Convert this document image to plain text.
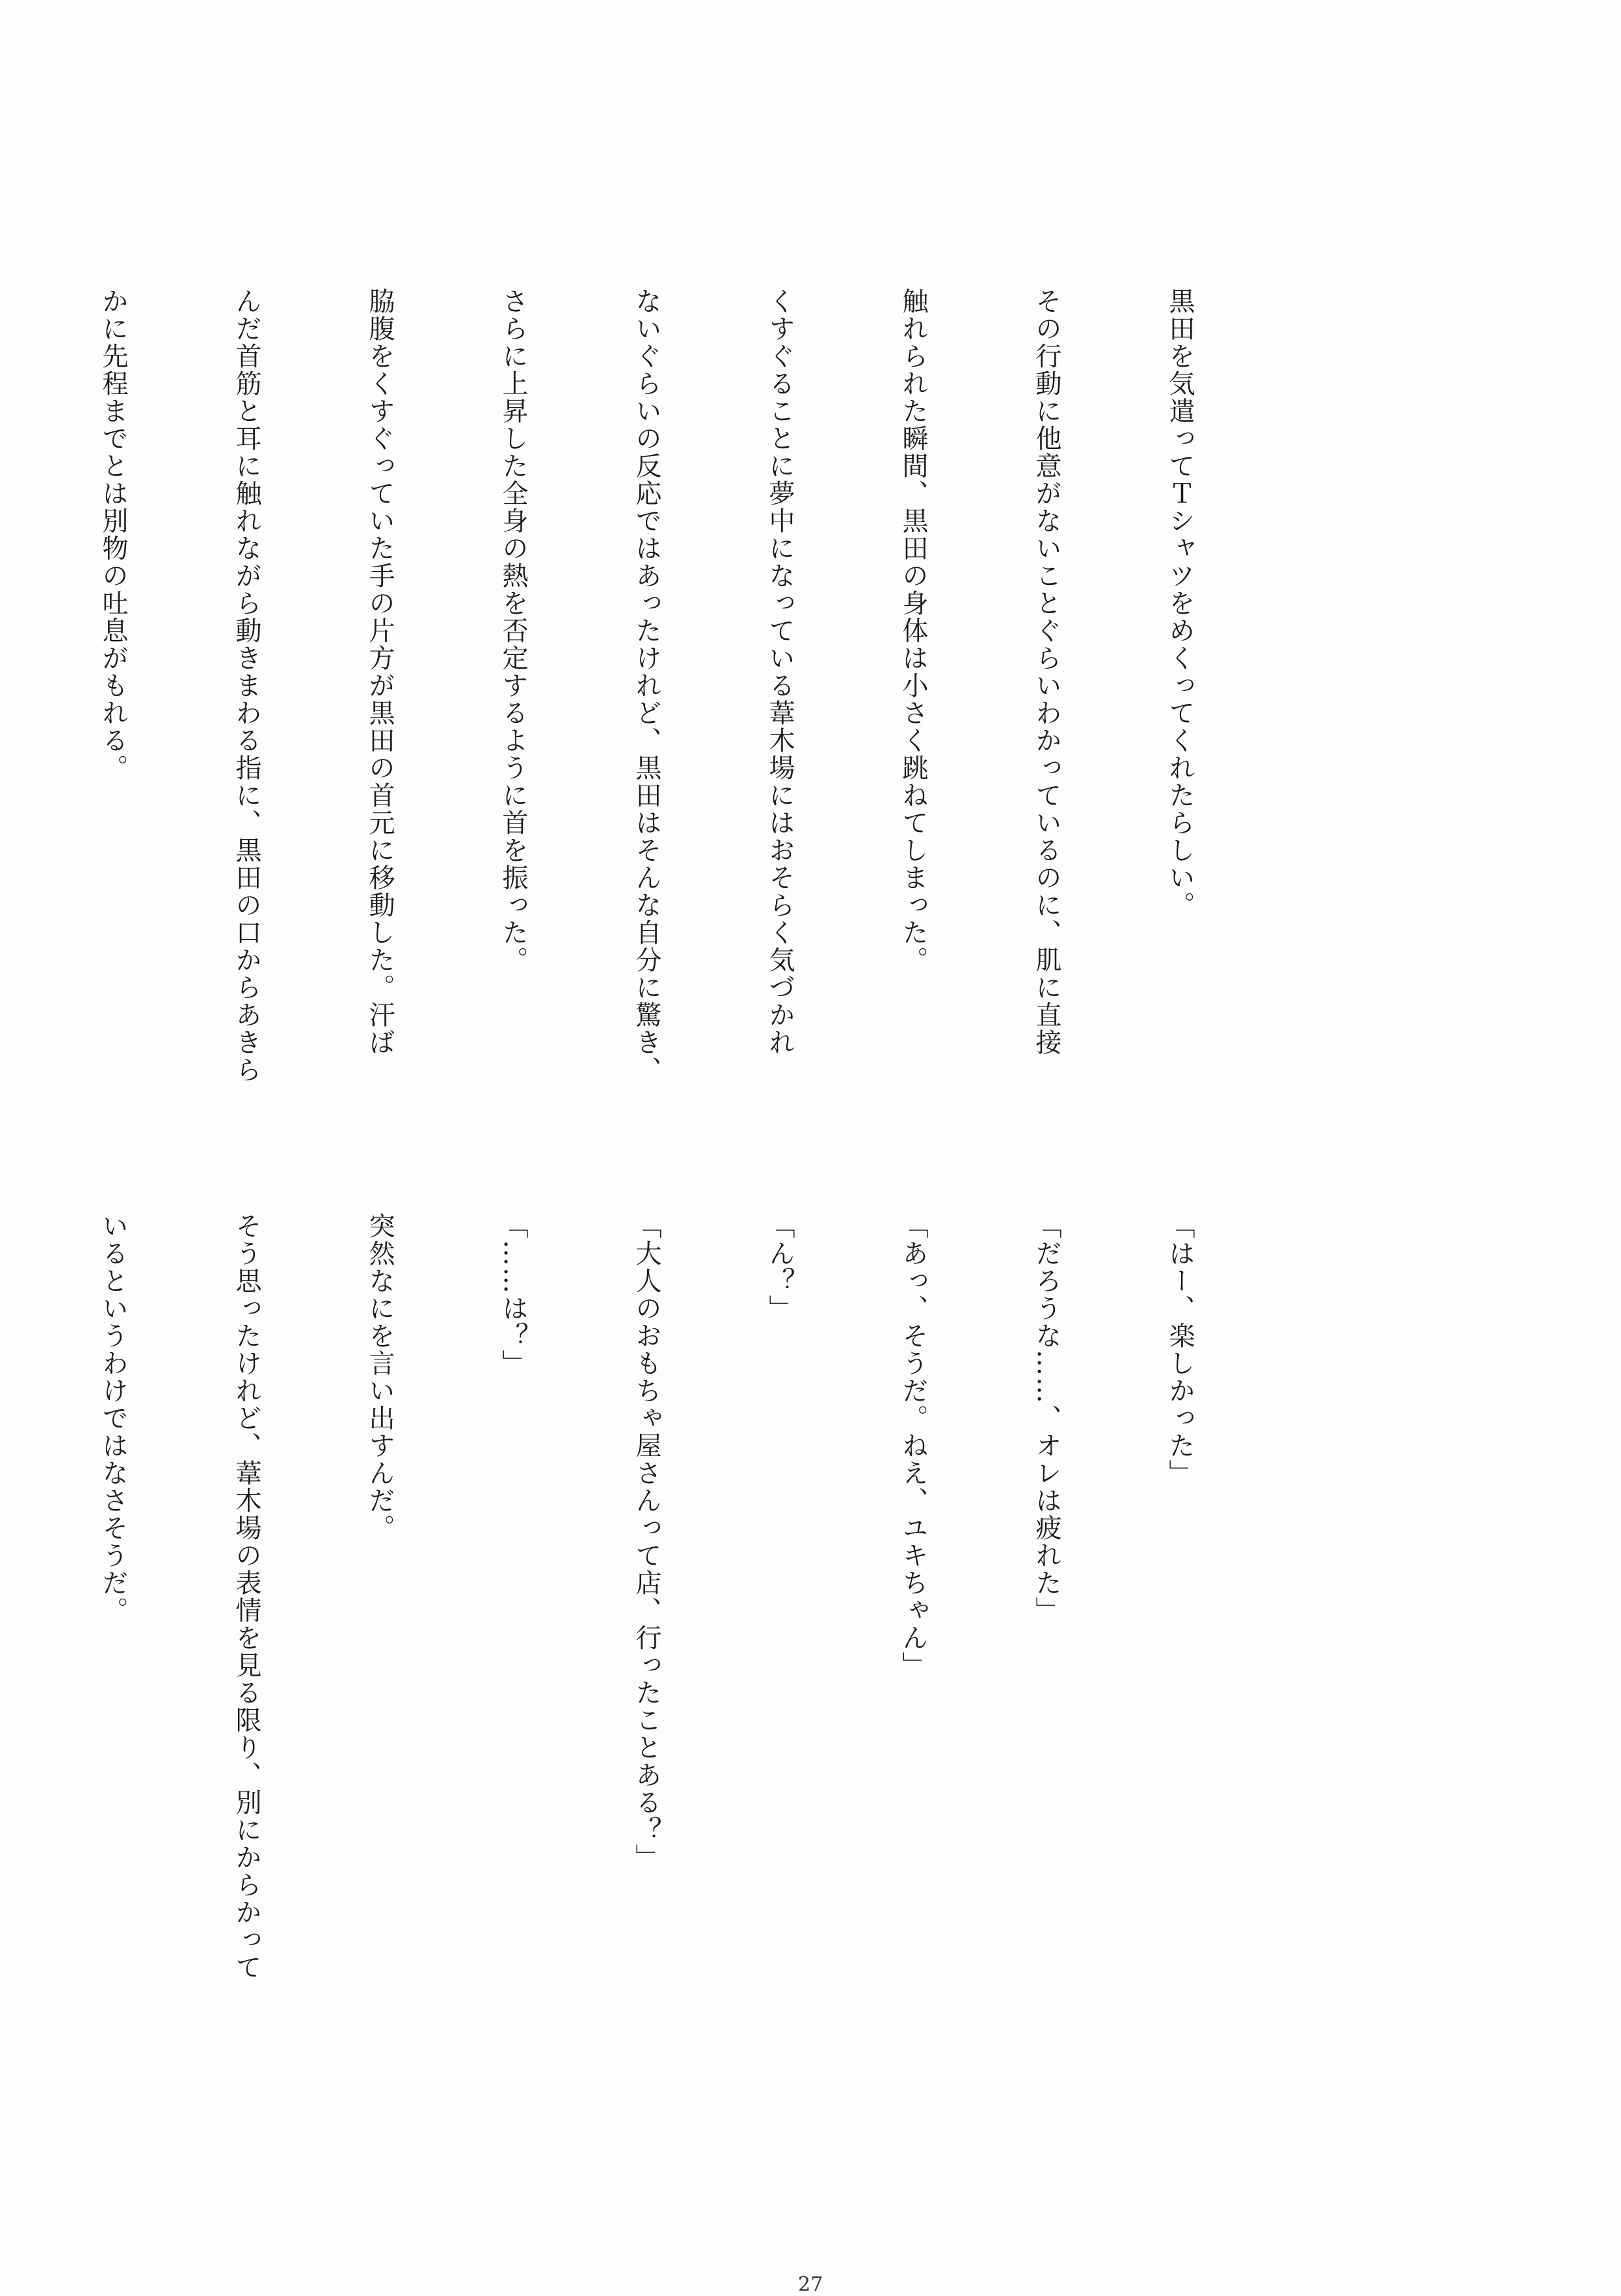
黒田を気遣ってＴシャツをめくってくれたらしい。

その行動に他意がないことぐらいわかっているのに、肌に直接

触れられた瞬間、黒田の身体は小さく跳ねてしまった。

くすぐることに夢中になっている葦木場にはおそらく気づかれ

ないぐらいの反応ではあったけれど、黒田はそんな自分に驚き、

さらに上昇した全身の熱を否定するように首を振った。

脇腹をくすぐっていた手の片方が黒田の首元に移動した。汗ば

んだ首筋と耳に触れながら動きまわる指に、黒田の口からあきら

かに先程までとは別物の吐息がもれる。

「はー、楽しかった」

「だろうな……、オレは疲れた」

「あっ、そうだ。ねえ、ユキちゃん」

「ん？」

「大人のおもちゃ屋さんって店、行ったことある？」

「……は？」

突然なにを言い出すんだ。

そう思ったけれど、葦木場の表情を見る限り、別にからかって

いるというわけではなさそうだ。

27
